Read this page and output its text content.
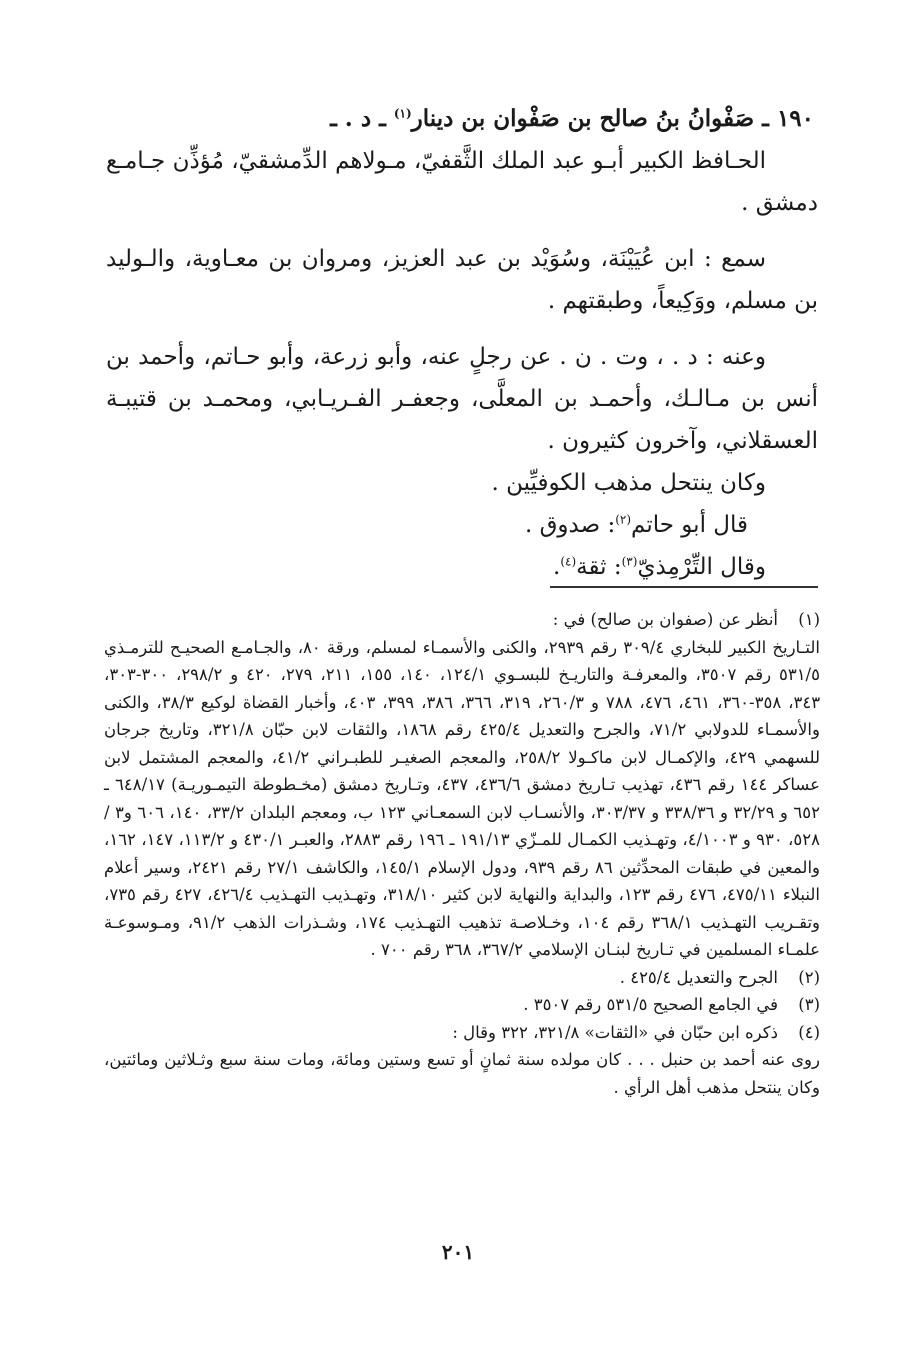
١٩٠ ـ صَفْوانُ بنُ صالح بن صَفْوان بن دينار$^{(١)}$ ـ د . ـ

الحـافظ الكبير أبـو عبد الملك الثَّقفيّ، مـولاهم الدِّمشقيّ، مُؤذِّن جـامـع دمشق .

سمع : ابن عُيَيْنَة، وسُوَيْد بن عبد العزيز، ومروان بن معـاوية، والـوليد بن مسلم، ووَكِيعاً، وطبقتهم .

وعنه : د . ، وت . ن . عن رجلٍ عنه، وأبو زرعة، وأبو حـاتم، وأحمد بن أنس بن مـالـك، وأحمـد بن المعلَّى، وجعفـر الفـريـابي، ومحمـد بن قتيبـة العسقلاني، وآخرون كثيرون .

وكان ينتحل مذهب الكوفيِّين .

قال أبو حاتم$^{(٢)}$: صدوق .

وقال التِّرْمِذيّ$^{(٣)}$: ثقة$^{(٤)}$.

(١)
أنظر عن (صفوان بن صالح) في :

التـاريخ الكبير للبخاري ٣٠٩/٤ رقم ٢٩٣٩، والكنى والأسمـاء لمسلم، ورقة ٨٠، والجـامـع الصحيـح للترمـذي ٥٣١/٥ رقم ٣٥٠٧، والمعرفـة والتاريـخ للبسـوي ١٢٤/١، ١٤٠، ١٥٥، ٢١١، ٢٧٩، ٤٢٠ و ٢٩٨/٢، ٣٠٠-٣٠٣، ٣٤٣، ٣٥٨-٣٦٠، ٤٦١، ٤٧٦، ٧٨٨ و ٢٦٠/٣، ٣١٩، ٣٦٦، ٣٨٦، ٣٩٩، ٤٠٣، وأخبار القضاة لوكيع ٣٨/٣، والكنى والأسمـاء للدولابي ٧١/٢، والجرح والتعديل ٤٢٥/٤ رقم ١٨٦٨، والثقات لابن حبّان ٣٢١/٨، وتاريخ جرجان للسهمي ٤٢٩، والإكمـال لابن ماكـولا ٢٥٨/٢، والمعجم الصغيـر للطبـراني ٤١/٢، والمعجم المشتمل لابن عساكر ١٤٤ رقم ٤٣٦، تهذيب تـاريخ دمشق ٤٣٦/٦، ٤٣٧، وتـاريخ دمشق (مخـطوطة التيمـوريـة) ٦٤٨/١٧ ـ ٦٥٢ و ٣٢/٢٩ و ٣٣٨/٣٦ و ٣٠٣/٣٧، والأنسـاب لابن السمعـاني ١٢٣ ب، ومعجم البلدان ٣٣/٢، ١٤٠، ٦٠٦ و٣ /٥٢٨، ٩٣٠ و ٤/١٠٠٣، وتهـذيب الكمـال للمـزّي ١٩١/١٣ ـ ١٩٦ رقم ٢٨٨٣، والعبـر ٤٣٠/١ و ١١٣/٢، ١٤٧، ١٦٢، والمعين في طبقات المحدِّثين ٨٦ رقم ٩٣٩، ودول الإسلام ١٤٥/١، والكاشف ٢٧/١ رقم ٢٤٢١، وسير أعلام النبلاء ٤٧٥/١١، ٤٧٦ رقم ١٢٣، والبداية والنهاية لابن كثير ٣١٨/١٠، وتهـذيب التهـذيب ٤٢٦/٤، ٤٢٧ رقم ٧٣٥، وتقـريب التهـذيب ٣٦٨/١ رقم ١٠٤، وخـلاصـة تذهيب التهـذيب ١٧٤، وشـذرات الذهب ٩١/٢، ومـوسوعـة علمـاء المسلمين في تـاريخ لبنـان الإسلامي ٣٦٧/٢، ٣٦٨ رقم ٧٠٠ .

(٢)
الجرح والتعديل ٤٢٥/٤ .
(٣)
في الجامع الصحيح ٥٣١/٥ رقم ٣٥٠٧ .
(٤)
ذكره ابن حبّان في «الثقات» ٣٢١/٨، ٣٢٢ وقال :

روى عنه أحمد بن حنبل . . . كان مولده سنة ثمانٍ أو تسع وستين ومائة، ومات سنة سبع وثـلاثين ومائتين، وكان ينتحل مذهب أهل الرأي .

٢٠١
